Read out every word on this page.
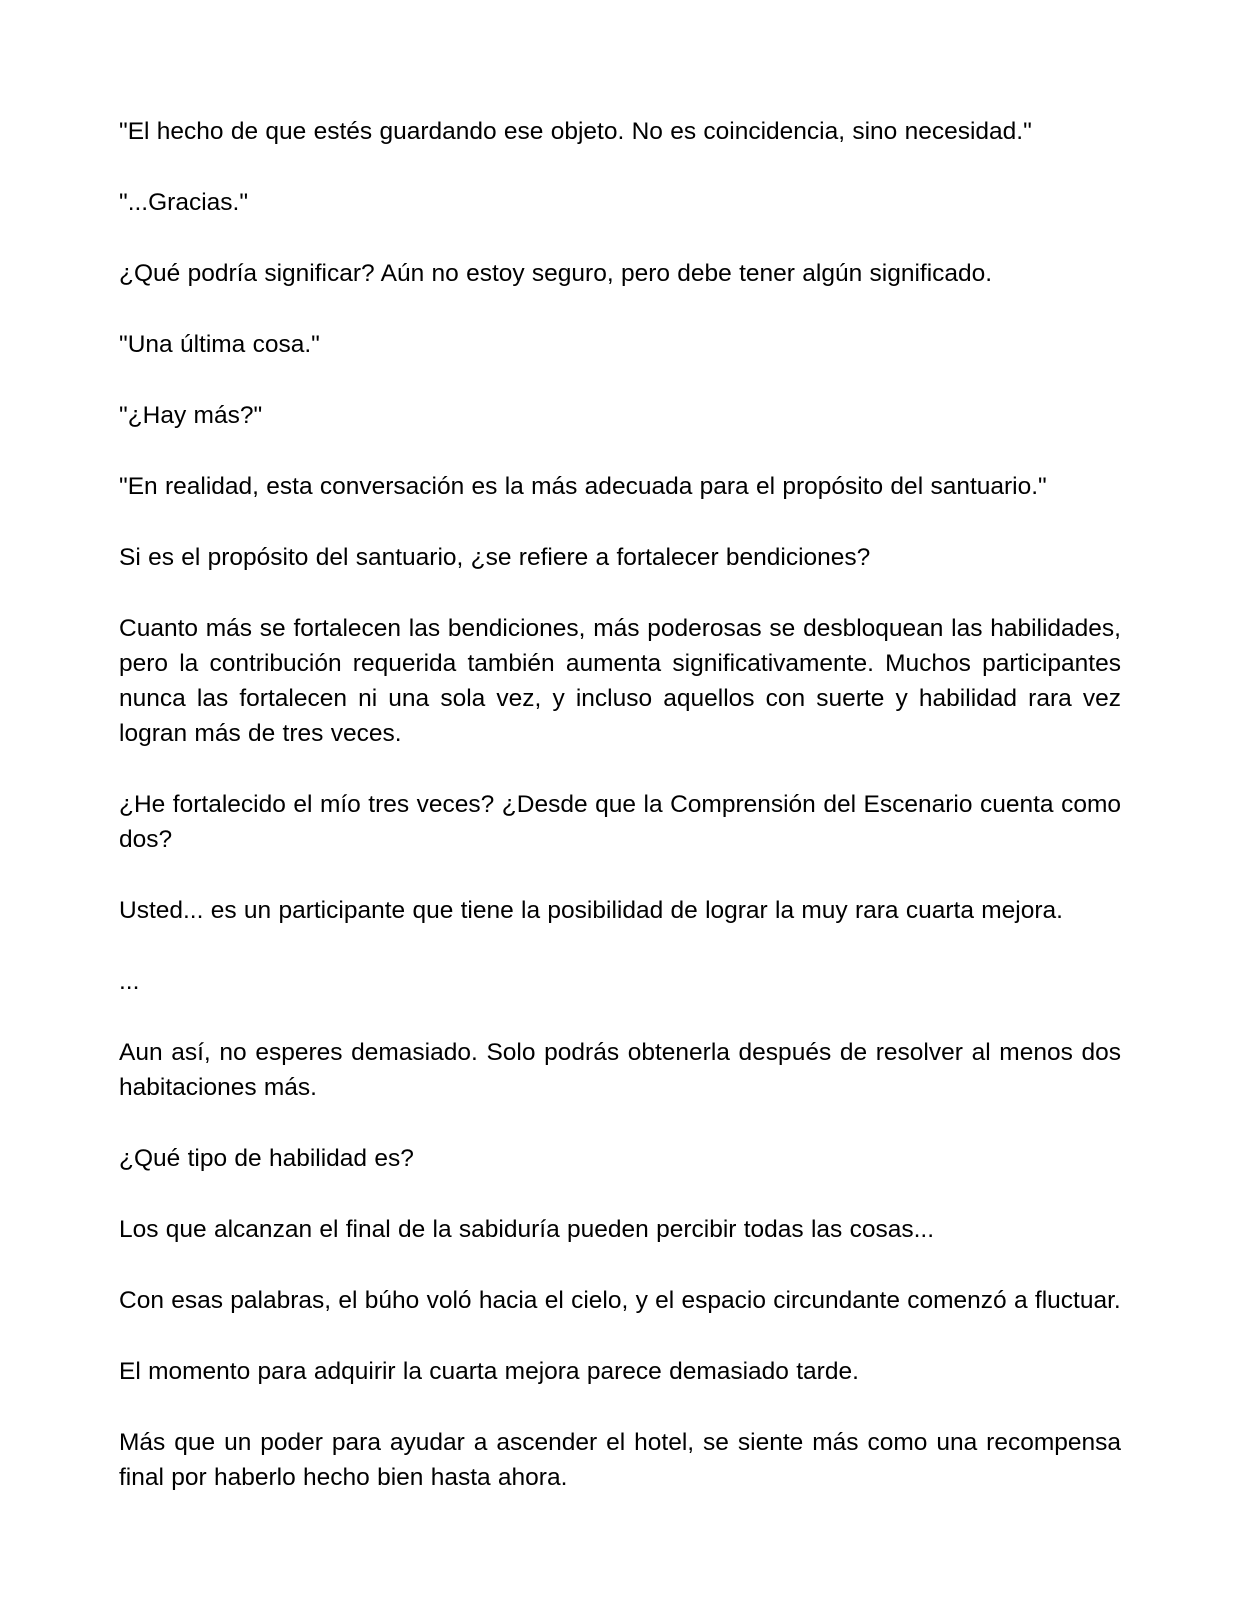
"El hecho de que estés guardando ese objeto. No es coincidencia, sino necesidad."

"...Gracias."

¿Qué podría significar? Aún no estoy seguro, pero debe tener algún significado.

"Una última cosa."

"¿Hay más?"

"En realidad, esta conversación es la más adecuada para el propósito del santuario."

Si es el propósito del santuario, ¿se refiere a fortalecer bendiciones?

Cuanto más se fortalecen las bendiciones, más poderosas se desbloquean las habilidades, pero la contribución requerida también aumenta significativamente. Muchos participantes nunca las fortalecen ni una sola vez, y incluso aquellos con suerte y habilidad rara vez logran más de tres veces.

¿He fortalecido el mío tres veces? ¿Desde que la Comprensión del Escenario cuenta como dos?

Usted... es un participante que tiene la posibilidad de lograr la muy rara cuarta mejora.

...

Aun así, no esperes demasiado. Solo podrás obtenerla después de resolver al menos dos habitaciones más.

¿Qué tipo de habilidad es?

Los que alcanzan el final de la sabiduría pueden percibir todas las cosas...

Con esas palabras, el búho voló hacia el cielo, y el espacio circundante comenzó a fluctuar.

El momento para adquirir la cuarta mejora parece demasiado tarde.

Más que un poder para ayudar a ascender el hotel, se siente más como una recompensa final por haberlo hecho bien hasta ahora.
